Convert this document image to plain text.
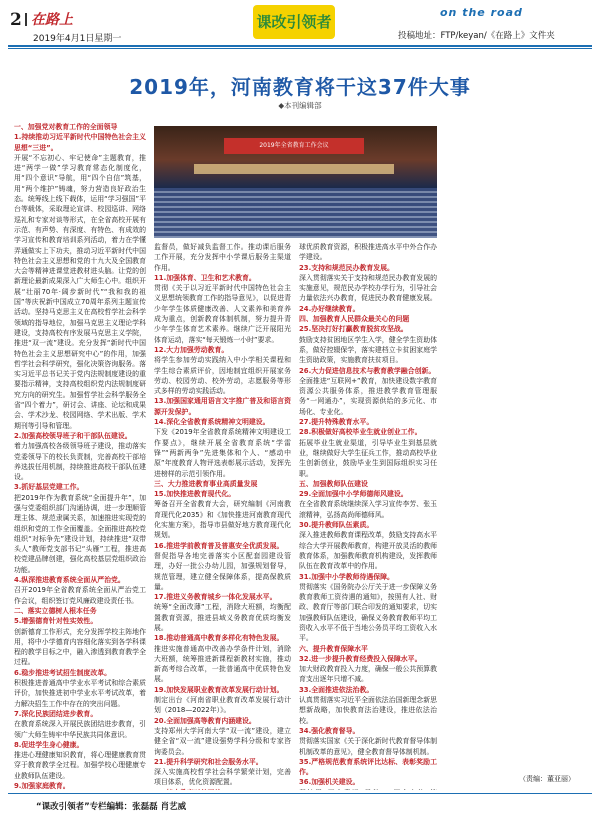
2 在路上
2019年4月1日星期一
课改引领者
on the road
投稿地址：FTP/keyan/《在路上》文件夹
2019年，河南教育将干这37件大事
◆本刊编辑部
一、加强党对教育工作的全面领导
1.持续推动习近平新时代中国特色社会主义思想“三进”。
开展“不忘初心、牢记使命”主题教育，推进“两学一做”学习教育常态化制度化，用“四个意识”导航，用“四个自信”筑基，用“两个维护”铸魂，努力营造良好政治生态。统筹线上线下载体，运用“学习强国”平台等载体，采取理论宣讲、校园巡讲、网络巡礼和专家对谈等形式，在全省高校开展有示范、有声势、有深度、有特色、有成效的学习宣传和教育培训系列活动，着力在学懂弄通做实上下功夫，推动习近平新时代中国特色社会主义思想和党的十九大及全国教育大会等精神进课堂进教材进头脑。让党的创新理论最新成果深入广大师生心中。组织开展“壮丽70年·阔步新时代”“我和我的祖国”等庆祝新中国成立70周年系列主题宣传活动。坚持马克思主义在高校哲学社会科学领域的指导地位，加强马克思主义理论学科建设，支持高校有序发展马克思主义学院，推进“双一流”建设。充分发挥“新时代中国特色社会主义思想研究中心”的作用，加强哲学社会科学研究，强化决策咨询服务。落实习近平总书记关于党内法规制度建设的重要指示精神，支持高校组织党内法规制度研究方向的研究生。加强哲学社会科学服务全省“四个着力”，研讨会、讲座、论坛和成果会、学术沙龙、校园网络、学术出版、学术期刊等引导和管理。
2.加强高校领导班子和干部队伍建设。
着力加强高校各级领导班子建设，推动落实党委领导下的校长负责制，完善高校干部培养选拔任用机制，持续推进高校干部队伍建设。
3.抓好基层党建工作。
把2019年作为教育系统“全面提升年”，加强与党委组织部门沟通协调，进一步理顺管理主体、规范隶属关系，加速推进实现党的组织和党的工作全面覆盖。全面推进高校党组织“对标争先”建设计划，持续推进“双带头人”教师党支部书记“头雁”工程，推进高校党建品牌创建，强化高校基层党组织政治功能。
4.纵深推进教育系统全面从严治党。
召开2019年全省教育系统全面从严治党工作会议，组织签订党风廉政建设责任书。
二、落实立德树人根本任务
5.增强德育针对性实效性。
创新德育工作形式，充分发挥学校主阵地作用，将中小学德育内容细化落实到各学科课程的教学目标之中，融入渗透到教育教学全过程。
6.稳步推进考试招生制度改革。
积极推进普通高中学业水平考试和综合素质评价，加快推进初中学业水平考试改革，着力解决招生工作中存在的突出问题。
7.深化民族团结进步教育。
在教育系统深入开展民族团结进步教育，引领广大师生铸牢中华民族共同体意识。
8.促进学生身心健康。
推进心理健康知识教育，将心理健康教育贯穿于教育教学全过程。加强学校心理健康专业教师队伍建设。
9.加强家庭教育。
2019年全省教育工作会议
监督员，做好减负监督工作。推动课后服务工作开展，充分发挥中小学课后服务主渠道作用。
11.加强体育、卫生和艺术教育。
贯彻《关于以习近平新时代中国特色社会主义思想统领教育工作的指导意见》，以促进青少年学生体质健康改善、人文素养和美育养成为重点，创新教育体制机制，努力提升青少年学生体育艺术素养。继续广泛开展阳光体育运动，落实“每天锻炼一小时”要求。
12.大力加强劳动教育。
将学生参加劳动实践纳入中小学相关课程和学生综合素质评价，因地制宜组织开展家务劳动、校园劳动、校外劳动，志愿服务等形式多样的劳动实践活动。
13.加强国家通用语言文字推广普及和语言资源开发保护。
14.深化全省教育系统精神文明建设。
下发《2019年全省教育系统精神文明建设工作要点》，继续开展全省教育系统“学雷锋”“两新两争”先进集体和个人、“感动中原”年度教育人物评选表彰展示活动，发挥先进榜样的示范引领作用。
三、大力推进教育事业高质量发展
15.加快推进教育现代化。
筹备召开全省教育大会，研究编制《河南教育现代化2035》和《加快推进河南教育现代化实施方案》，指导市县做好地方教育现代化规划。
16.推进学前教育普及普惠安全优质发展。
督促指导各地完善落实小区配套园建设管理，办好一批公办幼儿园，加强规划督导，规范管理，建立健全保障体系，提高保教质量。
17.推进义务教育城乡一体化发展水平。
统筹“全面改薄”工程，消除大班额，均衡配置教育资源，推进县域义务教育优质均衡发展。
18.推动普通高中教育多样化有特色发展。
推进实施普通高中改善办学条件计划，消除大班额，统筹推进新课程新教材实施，推动新高考综合改革，一批普通高中优质特色发展。
19.加快发展职业教育改革发展行动计划。
制定出台《河南省职业教育改革发展行动计划（2018—2022年）》。
20.全面加强高等教育内涵建设。
支持郑州大学河南大学“双一流”建设，建立健全省“双一流”建设强势学科分级和专家咨询委员会。
21.提升科学研究和社会服务水平。
深入实施高校哲学社会科学繁荣计划，完善项目体系，优化资源配置。
球优质教育资源，积极推进高水平中外合作办学建设。
23.支持和规范民办教育发展。
深入贯彻落实关于支持和规范民办教育发展的实施意见，规范民办学校办学行为，引导社会力量依法兴办教育，促进民办教育健康发展。
24.办好继续教育。
四、加强教育人民群众最关心的问题
25.坚决打好打赢教育脱贫攻坚战。
鼓励支持贫困地区学生入学，健全学生资助体系，做好控辍保学，落实建档立卡贫困家庭学生资助政策，实施教育扶贫项目。
26.大力促进信息技术与教育教学融合创新。
全面推进“互联网+”教育，加快建设数字教育资源公共服务体系，推进教学教育管理服务“一网通办”，实现资源供给的多元化、市场化、专业化。
27.提升特殊教育水平。
28.积极做好高校毕业生就业创业工作。
拓展毕业生就业渠道，引导毕业生到基层就业，继续做好大学生征兵工作，推动高校毕业生创新创业，鼓励毕业生到国际组织实习任职。
五、加强教师队伍建设
29.全面加强中小学师德师风建设。
在全省教育系统继续深入学习宣传李芳、张玉滚精神，弘扬高尚师德师风。
30.提升教师队伍素质。
深入推进教师教育课程改革，鼓励支持高水平综合大学开展教师教育，构建开放灵活的教师教育体系，加强教师教育机构建设，发挥教师队伍在教育改革中的作用。
31.加强中小学教师待遇保障。
贯彻落实《国务院办公厅关于进一步保障义务教育教师工资待遇的通知》，按照有人社、财政、教育厅等部门联合印发的通知要求，切实加强教师队伍建设，确保义务教育教师平均工资收入水平不低于当地公务员平均工资收入水平。
六、提升教育保障水平
32.进一步提升教育经费投入保障水平。
加大财政教育投入力度，确保一般公共预算教育支出逐年只增不减。
33.全面推进依法治教。
认真贯彻落实习近平全面依法治国新理念新思想新战略，加快教育法治建设，推进依法治校。
34.强化教育督导。
贯彻落实国家《关于深化新时代教育督导体制机制改革的意见》，健全教育督导体制机制。
35.严格规范教育系统评比达标、表彰奖励工作。
36.加强机关建设。	（责编：董亚丽）
“课改引领者”专栏编辑：张磊磊 肖艺威
